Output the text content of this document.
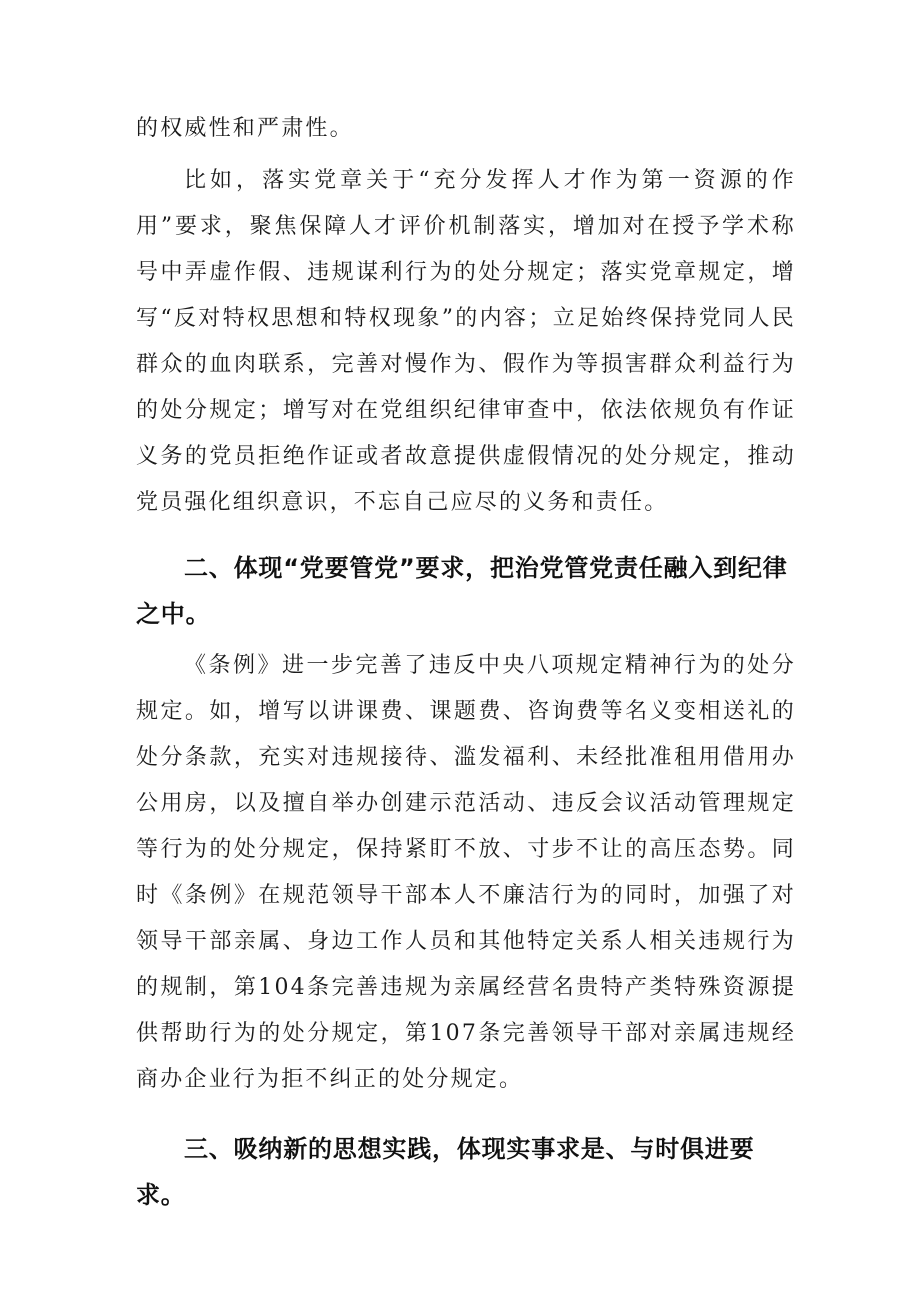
的权威性和严肃性。

比如，落实党章关于“充分发挥人才作为第一资源的作用”要求，聚焦保障人才评价机制落实，增加对在授予学术称号中弄虚作假、违规谋利行为的处分规定；落实党章规定，增写“反对特权思想和特权现象”的内容；立足始终保持党同人民群众的血肉联系，完善对慢作为、假作为等损害群众利益行为的处分规定；增写对在党组织纪律审查中，依法依规负有作证义务的党员拒绝作证或者故意提供虚假情况的处分规定，推动党员强化组织意识，不忘自己应尽的义务和责任。

二、体现“党要管党”要求，把治党管党责任融入到纪律之中。

《条例》进一步完善了违反中央八项规定精神行为的处分规定。如，增写以讲课费、课题费、咨询费等名义变相送礼的处分条款，充实对违规接待、滥发福利、未经批准租用借用办公用房，以及擅自举办创建示范活动、违反会议活动管理规定等行为的处分规定，保持紧盯不放、寸步不让的高压态势。同时《条例》在规范领导干部本人不廉洁行为的同时，加强了对领导干部亲属、身边工作人员和其他特定关系人相关违规行为的规制，第104条完善违规为亲属经营名贵特产类特殊资源提供帮助行为的处分规定，第107条完善领导干部对亲属违规经商办企业行为拒不纠正的处分规定。

三、吸纳新的思想实践，体现实事求是、与时俱进要求。
